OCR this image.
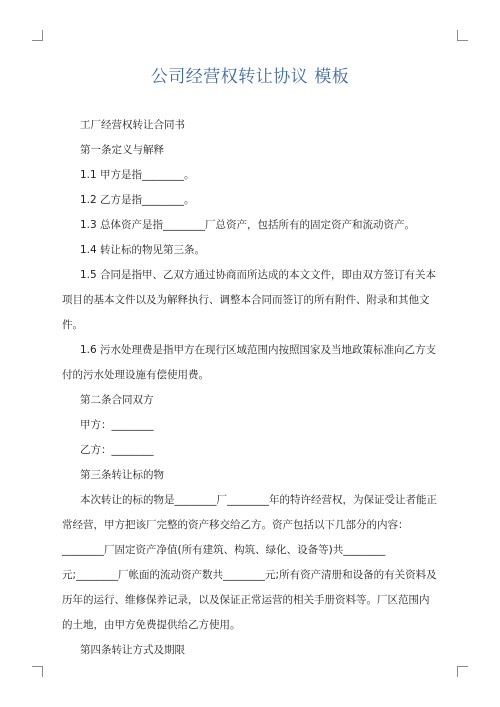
公司经营权转让协议 模板

工厂经营权转让合同书

第一条定义与解释

1.1 甲方是指________。

1.2 乙方是指________。

1.3 总体资产是指________厂总资产，包括所有的固定资产和流动资产。

1.4 转让标的物见第三条。

1.5 合同是指甲、乙双方通过协商而所达成的本文文件，即由双方签订有关本项目的基本文件以及为解释执行、调整本合同而签订的所有附件、附录和其他文件。

1.6 污水处理费是指甲方在现行区域范围内按照国家及当地政策标准向乙方支付的污水处理设施有偿使用费。

第二条合同双方

甲方：________

乙方：________

第三条转让标的物

本次转让的标的物是________厂________年的特许经营权，为保证受让者能正常经营，甲方把该厂完整的资产移交给乙方。资产包括以下几部分的内容：________厂固定资产净值(所有建筑、构筑、绿化、设备等)共________元;________厂帐面的流动资产数共________元;所有资产清册和设备的有关资料及历年的运行、维修保养记录，以及保证正常运营的相关手册资料等。厂区范围内的土地，由甲方免费提供给乙方使用。

第四条转让方式及期限
